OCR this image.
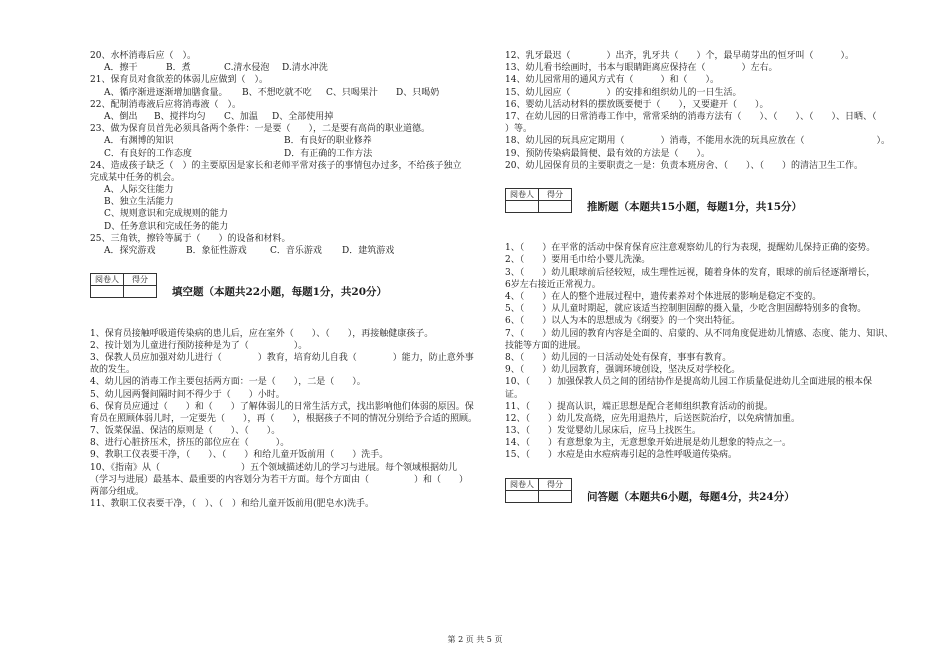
20、水杯消毒后应（　）。
A．擦干	B．煮	C.清水侵泡	D.清水冲洗
21、保育员对食欲差的体弱儿应做到（　）。
A、循序渐进逐渐增加膳食量。	B、不想吃就不吃	C、只喝果汁	D、只喝奶
22、配制消毒液后应将消毒液（　）。
A、倒出	B、搅拌均匀	C、加温	D、全部使用掉
23、做为保育员首先必须具备两个条件：一是要（　　），二是要有高尚的职业道德。
A．有渊博的知识	B．有良好的职业修养
C．有良好的工作态度	D．有正确的工作方法
24、造成孩子缺乏（　）的主要原因是家长和老师平常对孩子的事情包办过多，不给孩子独立
完成某中任务的机会。
A、人际交往能力
B、独立生活能力
C、规则意识和完成规则的能力
D、任务意识和完成任务的能力
25、三角铁，擦铃等属于（　　）的设备和材料。
A．探究游戏	B．象征性游戏	C．音乐游戏	D．建筑游戏
阅卷人	得分

填空题（本题共22小题，每题1分，共20分）
1、保育员接触呼吸道传染病的患儿后，应在室外（　　）、（　　），再接触健康孩子。
2、按计划为儿童进行预防接种是为了（　　　　　）。
3、保教人员应加强对幼儿进行（　　　　）教育，培育幼儿自我（　　　　）能力，防止意外事
故的发生。
4、幼儿园的消毒工作主要包括两方面：一是（　　），二是（　　）。
5、幼儿园两餐间隔时间不得少于（　　）小时。
6、保育员应通过（　　）和（　　）了解体弱儿的日常生活方式，找出影响他们体弱的原因。保
育员在照顾体弱儿时，一定要先（　　），再（　　），根据孩子不同的情况分别给予合适的照顾。
7、饭菜保温、保洁的原则是（　　）、（　　）。
8、进行心脏挤压术，挤压的部位应在（　　　）。
9、教职工仪表要干净，（　　）、（　　）和给儿童开饭前用（　　）洗手。
10、《指南》从（　　　　　　　　　）五个领域描述幼儿的学习与进展。每个领域根据幼儿
（学习与进展）最基本、最重要的内容划分为若干方面。每个方面由（　　　　　）和（　　）
两部分组成。
11、教职工仪表要干净，（　）、（　）和给儿童开饭前用(肥皂水)洗手。
12、乳牙最迟（　　　　）出齐，乳牙共（　　）个，最早萌芽出的恒牙叫（　　　）。
13、幼儿看书绘画时，书本与眼睛距离应保持在（　　　　）左右。
14、幼儿园常用的通风方式有（　　　）和（　　）。
15、幼儿园应（　　　　）的安排和组织幼儿的一日生活。
16、婴幼儿活动材料的摆放既要便于（　　），又要避开（　　）。
17、在幼儿园的日常消毒工作中，常常采纳的消毒方法有（　　）、（　　）、（　　）、日晒、（　　
）等。
18、幼儿园的玩具应定期用（　　　　）消毒，不能用水洗的玩具应放在（　　　　　　　　）。
19、预防传染病最简便、最有效的方法是（　　）。
20、幼儿园保育员的主要职责之一是：负责本班房舍、（　　）、（　　）的清洁卫生工作。
阅卷人	得分

推断题（本题共15小题，每题1分，共15分）
1、（　　）在平常的活动中保育保育应注意观察幼儿的行为表现，提醒幼儿保持正确的姿势。
2、（　　）要用毛巾给小婴儿洗澡。
3、（　　）幼儿眼球前后径较短，成生理性远视，随着身体的发育，眼球的前后径逐渐增长，
6岁左右接近正常视力。
4、（　　）在人的整个进展过程中，遗传素养对个体进展的影响是稳定不变的。
5、（　　）从儿童时期起，就应该适当控制胆固醇的摄入量，少吃含胆固醇特别多的食物。
6、（　　）以人为本的思想成为《纲要》的一个突出特征。
7、（　　）幼儿园的教育内容是全面的、启蒙的、从不同角度促进幼儿情感、态度、能力、知识、
技能等方面的进展。
8、（　　）幼儿园的一日活动处处有保育，事事有教育。
9、（　　）幼儿园教育，强调环境创设，坚决反对学校化。
10、（　　）加强保教人员之间的团结协作是提高幼儿园工作质量促进幼儿全面进展的根本保
证。
11、（　　）提高认识，端正思想是配合老师组织教育活动的前提。
12、（　　）幼儿发高烧，应先用退热片，后送医院治疗，以免病情加重。
13、（　　）发觉婴幼儿尿床后，应马上找医生。
14、（　　）有意想象为主，无意想象开始进展是幼儿想象的特点之一。
15、（　　）水痘是由水痘病毒引起的急性呼吸道传染病。
阅卷人	得分

问答题（本题共6小题，每题4分，共24分）
第 2 页 共 5 页
